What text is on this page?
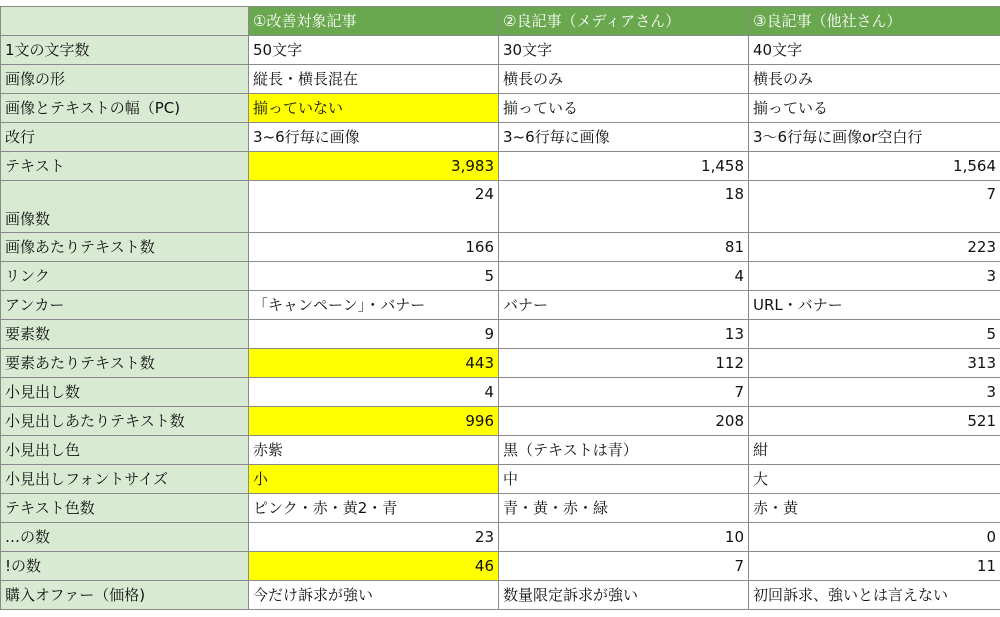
	①改善対象記事	②良記事（メディアさん）	③良記事（他社さん）
1文の文字数	50文字	30文字	40文字
画像の形	縦長・横長混在	横長のみ	横長のみ
画像とテキストの幅（PC)	揃っていない	揃っている	揃っている
改行	3~6行毎に画像	3~6行毎に画像	3〜6行毎に画像or空白行
テキスト	3,983	1,458	1,564
画像数	24	18	7
画像あたりテキスト数	166	81	223
リンク	5	4	3
アンカー	「キャンペーン」・バナー	バナー	URL・バナー
要素数	9	13	5
要素あたりテキスト数	443	112	313
小見出し数	4	7	3
小見出しあたりテキスト数	996	208	521
小見出し色	赤紫	黒（テキストは青）	紺
小見出しフォントサイズ	小	中	大
テキスト色数	ピンク・赤・黄2・青	青・黄・赤・緑	赤・黄
…の数	23	10	0
!の数	46	7	11
購入オファー（価格)	今だけ訴求が強い	数量限定訴求が強い	初回訴求、強いとは言えない
